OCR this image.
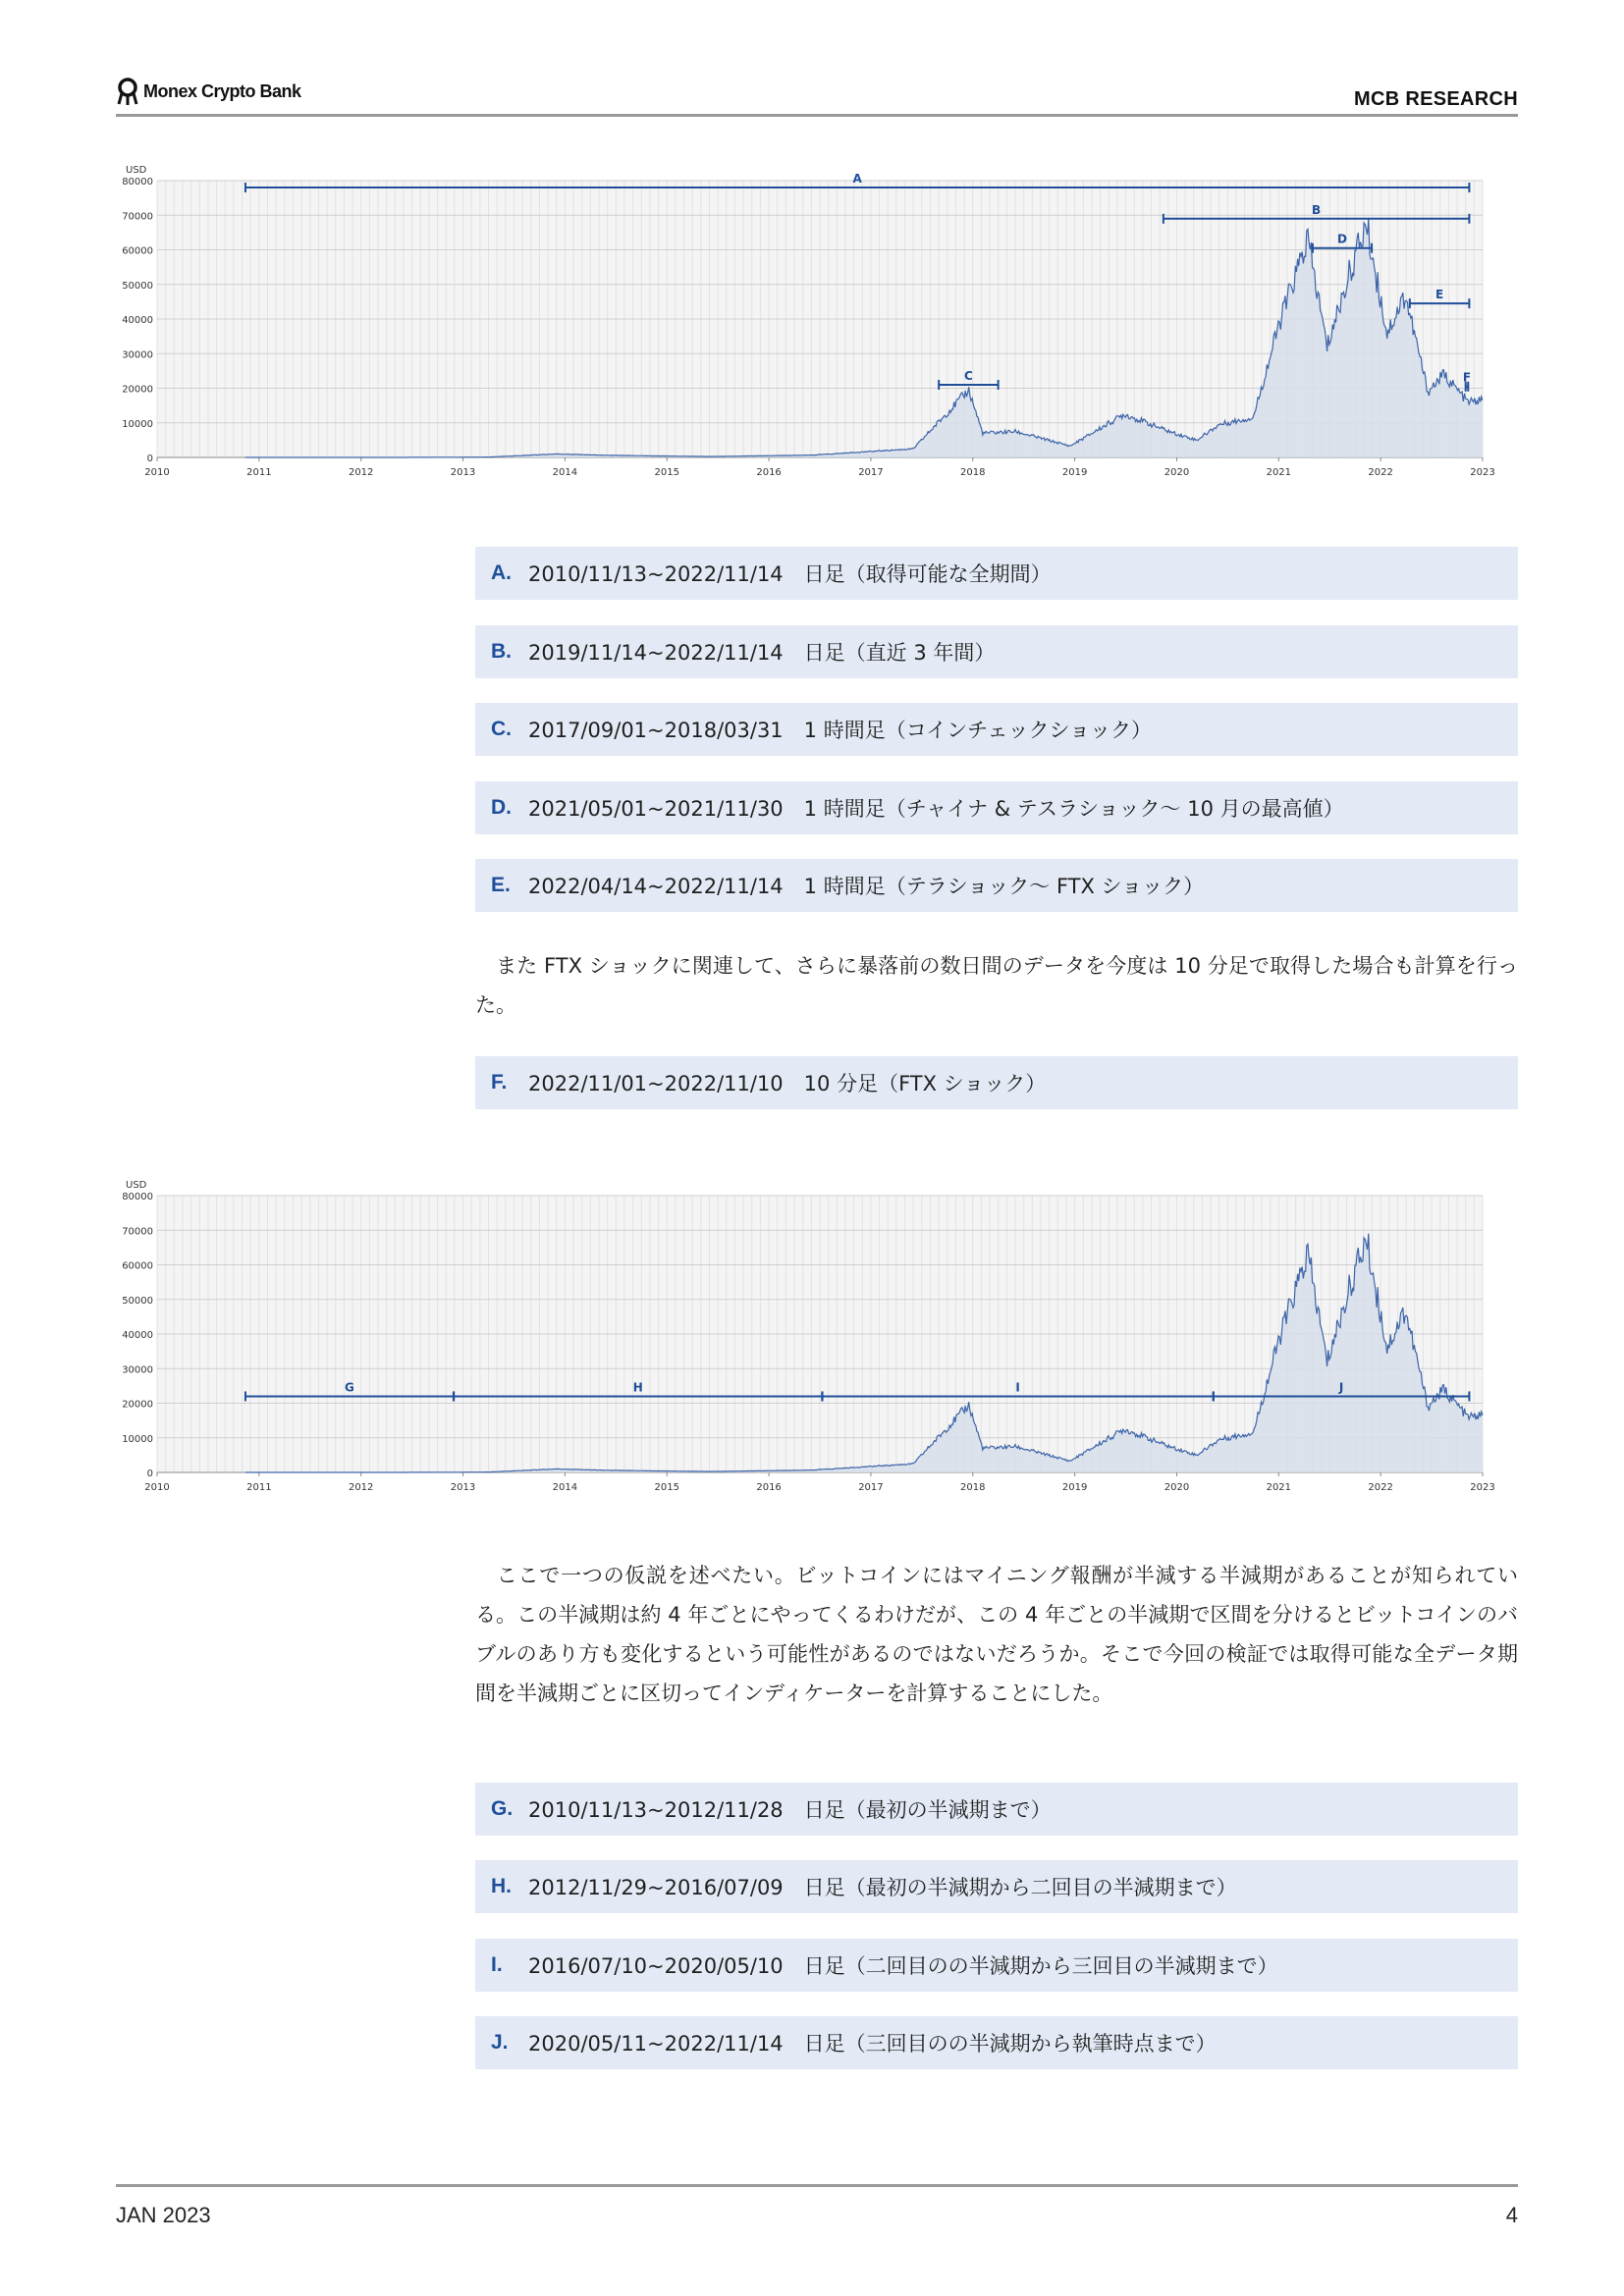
Monex Crypto Bank	MCB RESEARCH
0
10000
20000
30000
40000
50000
60000
70000
80000
USD
2010	2011	2012	2013	2014	2015	2016	2017	2018	2019	2020	2021	2022	2023
A
B
C
D
E
F
A. 2010/11/13~2022/11/14　日足（取得可能な全期間）
B. 2019/11/14~2022/11/14　日足（直近 3 年間）
C. 2017/09/01~2018/03/31　1 時間足（コインチェックショック）
D. 2021/05/01~2021/11/30　1 時間足（チャイナ & テスラショック～ 10 月の最高値）
E. 2022/04/14~2022/11/14　1 時間足（テラショック～ FTX ショック）
　また FTX ショックに関連して、さらに暴落前の数日間のデータを今度は 10 分足で取得した場合も計算を行った。
F.	2022/11/01~2022/11/10　10 分足（FTX ショック）
0
10000
20000
30000
40000
50000
60000
70000
80000
USD
2010	2011	2012	2013	2014	2015	2016	2017	2018	2019	2020	2021	2022	2023
G	H	I	J
　ここで一つの仮説を述べたい。ビットコインにはマイニング報酬が半減する半減期があることが知られている。この半減期は約 4 年ごとにやってくるわけだが、この 4 年ごとの半減期で区間を分けるとビットコインのバブルのあり方も変化するという可能性があるのではないだろうか。そこで今回の検証では取得可能な全データ期間を半減期ごとに区切ってインディケーターを計算することにした。
G. 2010/11/13~2012/11/28　日足（最初の半減期まで）
H. 2012/11/29~2016/07/09　日足（最初の半減期から二回目の半減期まで）
I.	2016/07/10~2020/05/10　日足（二回目のの半減期から三回目の半減期まで）
J. 2020/05/11~2022/11/14　日足（三回目のの半減期から執筆時点まで）
JAN 2023	4
